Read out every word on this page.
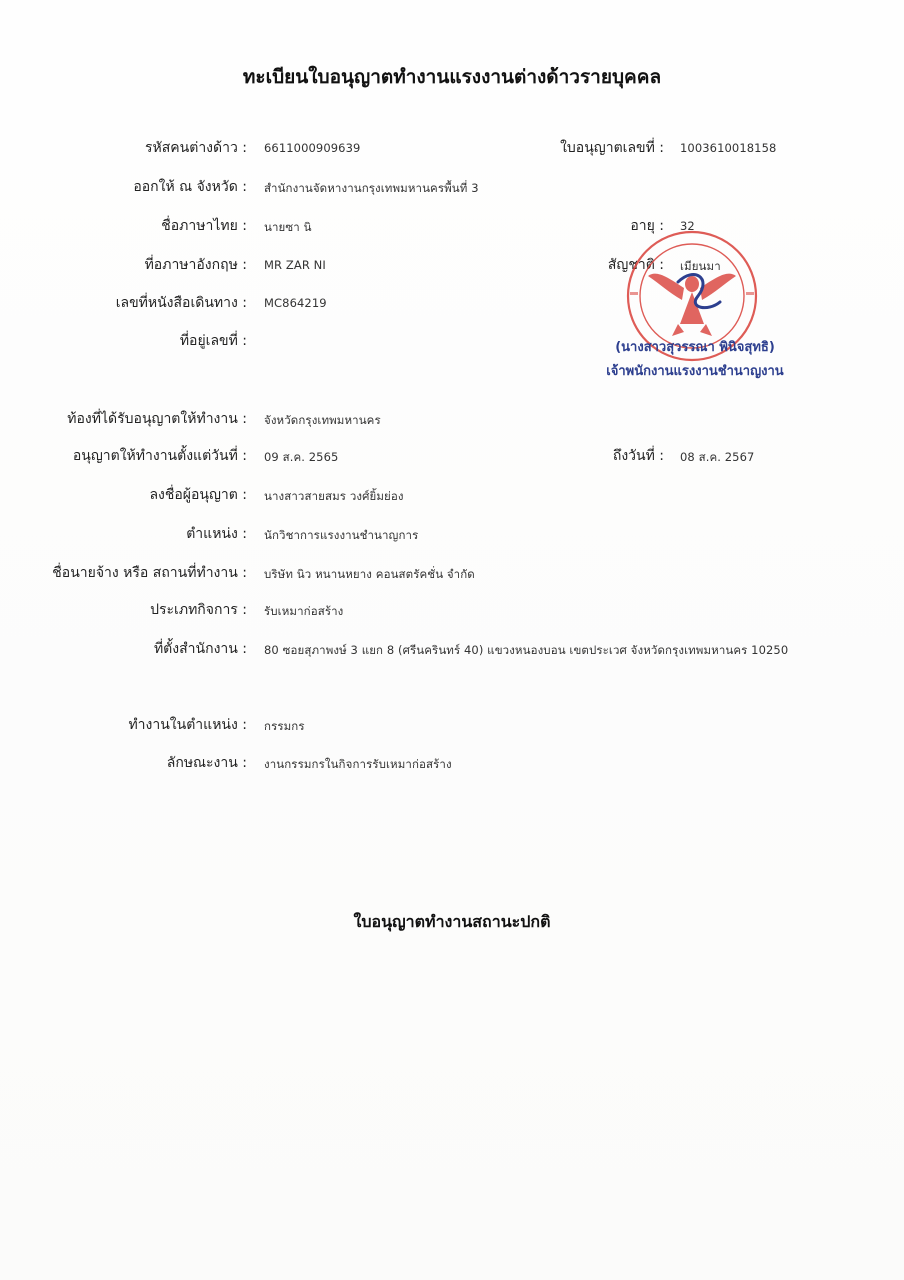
ทะเบียนใบอนุญาตทำงานแรงงานต่างด้าวรายบุคคล
รหัสคนต่างด้าว : 6611000909639	ใบอนุญาตเลขที่ : 1003610018158
ออกให้ ณ จังหวัด : สำนักงานจัดหางานกรุงเทพมหานครพื้นที่ 3
ชื่อภาษาไทย : นายซา นิ	อายุ : 32
ที่อภาษาอังกฤษ : MR ZAR NI	สัญชาติ : เมียนมา
เลขที่หนังสือเดินทาง : MC864219
ที่อยู่เลขที่ :	(นางสาวสุวรรณา พินิจสุทธิ)
เจ้าพนักงานแรงงานชำนาญงาน
ท้องที่ได้รับอนุญาตให้ทำงาน : จังหวัดกรุงเทพมหานคร
อนุญาตให้ทำงานตั้งแต่วันที่ : 09 ส.ค. 2565	ถึงวันที่ : 08 ส.ค. 2567
ลงชื่อผู้อนุญาต : นางสาวสายสมร วงศ์ยิ้มย่อง
ตำแหน่ง : นักวิชาการแรงงานชำนาญการ
ชื่อนายจ้าง หรือ สถานที่ทำงาน : บริษัท นิว หนานหยาง คอนสตรัคชั่น จำกัด
ประเภทกิจการ : รับเหมาก่อสร้าง
ที่ตั้งสำนักงาน : 80 ซอยสุภาพงษ์ 3 แยก 8 (ศรีนครินทร์ 40) แขวงหนองบอน เขตประเวศ จังหวัดกรุงเทพมหานคร 10250
ทำงานในตำแหน่ง : กรรมกร
ลักษณะงาน : งานกรรมกรในกิจการรับเหมาก่อสร้าง
ใบอนุญาตทำงานสถานะปกติ
